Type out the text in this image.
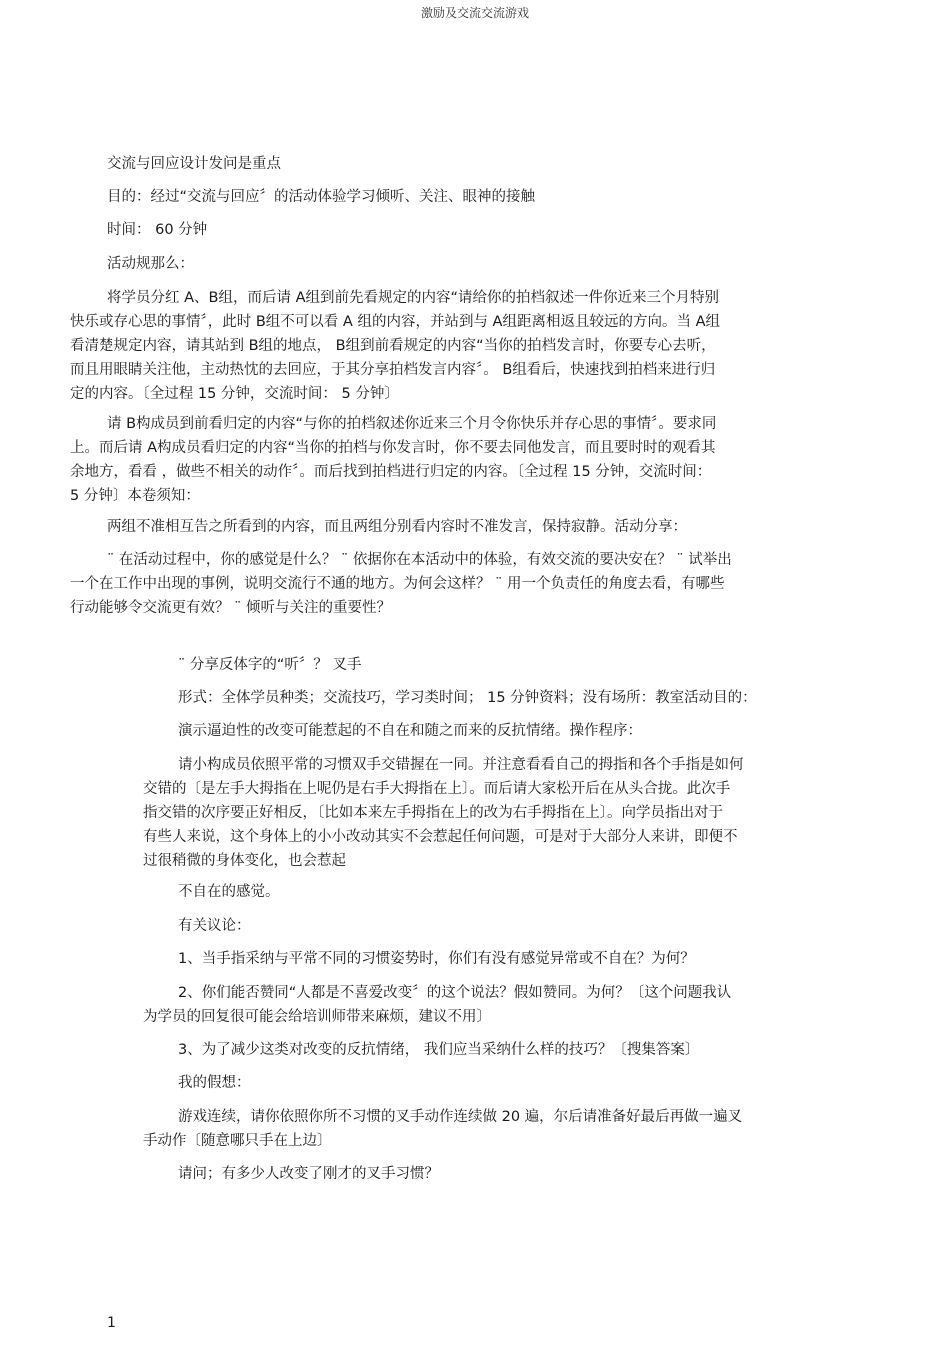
激励及交流交流游戏
交流与回应设计发问是重点
目的：经过“交流与回应〞的活动体验学习倾听、关注、眼神的接触
时间： 60 分钟
活动规那么：
将学员分红 A、B组，而后请 A组到前先看规定的内容“请给你的拍档叙述一件你近来三个月特别
快乐或存心思的事情〞，此时 B组不可以看 A 组的内容，并站到与 A组距离相返且较远的方向。当 A组
看清楚规定内容，请其站到 B组的地点， B组到前看规定的内容“当你的拍档发言时，你要专心去听，
而且用眼睛关注他，主动热忱的去回应，于其分享拍档发言内容〞。 B组看后，快速找到拍档来进行归
定的内容。〔全过程 15 分钟，交流时间： 5 分钟〕
请 B构成员到前看归定的内容“与你的拍档叙述你近来三个月令你快乐并存心思的事情〞。要求同
上。而后请 A构成员看归定的内容“当你的拍档与你发言时，你不要去同他发言，而且要时时的观看其
余地方，看看 ，做些不相关的动作〞。而后找到拍档进行归定的内容。〔全过程 15 分钟，交流时间：
5 分钟〕本卷须知：
两组不准相互告之所看到的内容，而且两组分别看内容时不准发言，保持寂静。活动分享：
¨ 在活动过程中，你的感觉是什么？ ¨ 依据你在本活动中的体验，有效交流的要决安在？ ¨ 试举出
一个在工作中出现的事例，说明交流行不通的地方。为何会这样？ ¨ 用一个负责任的角度去看，有哪些
行动能够令交流更有效？ ¨ 倾听与关注的重要性？
¨ 分享反体字的“听〞？ 叉手
形式：全体学员种类；交流技巧，学习类时间； 15 分钟资料；没有场所：教室活动目的：
演示逼迫性的改变可能惹起的不自在和随之而来的反抗情绪。操作程序：
请小构成员依照平常的习惯双手交错握在一同。并注意看看自己的拇指和各个手指是如何
交错的〔是左手大拇指在上呢仍是右手大拇指在上〕。而后请大家松开后在从头合拢。此次手
指交错的次序要正好相反，〔比如本来左手拇指在上的改为右手拇指在上〕。向学员指出对于
有些人来说，这个身体上的小小改动其实不会惹起任何问题，可是对于大部分人来讲，即便不
过很稍微的身体变化，也会惹起
不自在的感觉。
有关议论：
1、当手指采纳与平常不同的习惯姿势时，你们有没有感觉异常或不自在？为何？
2、你们能否赞同“人都是不喜爱改变〞的这个说法？假如赞同。为何？〔这个问题我认
为学员的回复很可能会给培训师带来麻烦，建议不用〕
3、为了减少这类对改变的反抗情绪， 我们应当采纳什么样的技巧？〔搜集答案〕
我的假想：
游戏连续，请你依照你所不习惯的叉手动作连续做 20 遍，尔后请准备好最后再做一遍叉
手动作〔随意哪只手在上边〕
请问；有多少人改变了刚才的叉手习惯？
1
